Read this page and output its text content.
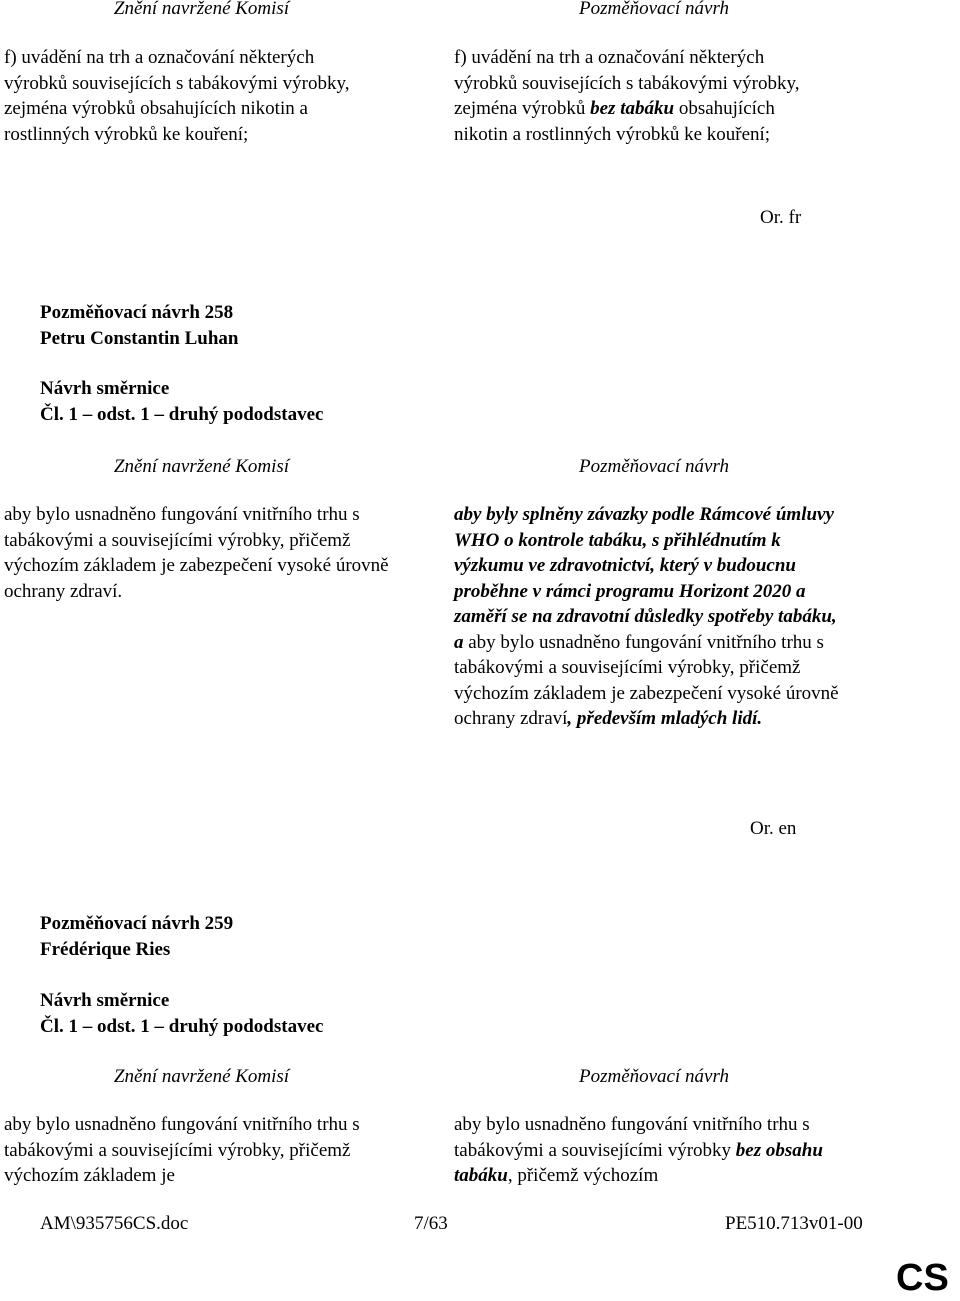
Znění navržené Komisí	Pozměňovací návrh

f) uvádění na trh a označování některých výrobků souvisejících s tabákovými výrobky, zejména výrobků obsahujících nikotin a rostlinných výrobků ke kouření;

f) uvádění na trh a označování některých výrobků souvisejících s tabákovými výrobky, zejména výrobků bez tabáku obsahujících nikotin a rostlinných výrobků ke kouření;

Or. fr
Pozměňovací návrh 258
Petru Constantin Luhan
Návrh směrnice
Čl. 1 – odst. 1 – druhý pododstavec
Znění navržené Komisí	Pozměňovací návrh

aby bylo usnadněno fungování vnitřního trhu s tabákovými a souvisejícími výrobky, přičemž výchozím základem je zabezpečení vysoké úrovně ochrany zdraví.

aby byly splněny závazky podle Rámcové úmluvy WHO o kontrole tabáku, s přihlédnutím k výzkumu ve zdravotnictví, který v budoucnu proběhne v rámci programu Horizont 2020 a zaměří se na zdravotní důsledky spotřeby tabáku, a aby bylo usnadněno fungování vnitřního trhu s tabákovými a souvisejícími výrobky, přičemž výchozím základem je zabezpečení vysoké úrovně ochrany zdraví, především mladých lidí.

Or. en
Pozměňovací návrh 259
Frédérique Ries
Návrh směrnice
Čl. 1 – odst. 1 – druhý pododstavec
Znění navržené Komisí	Pozměňovací návrh

aby bylo usnadněno fungování vnitřního trhu s tabákovými a souvisejícími výrobky, přičemž výchozím základem je

aby bylo usnadněno fungování vnitřního trhu s tabákovými a souvisejícími výrobky bez obsahu tabáku, přičemž výchozím

AM\935756CS.doc	7/63	PE510.713v01-00
CS
